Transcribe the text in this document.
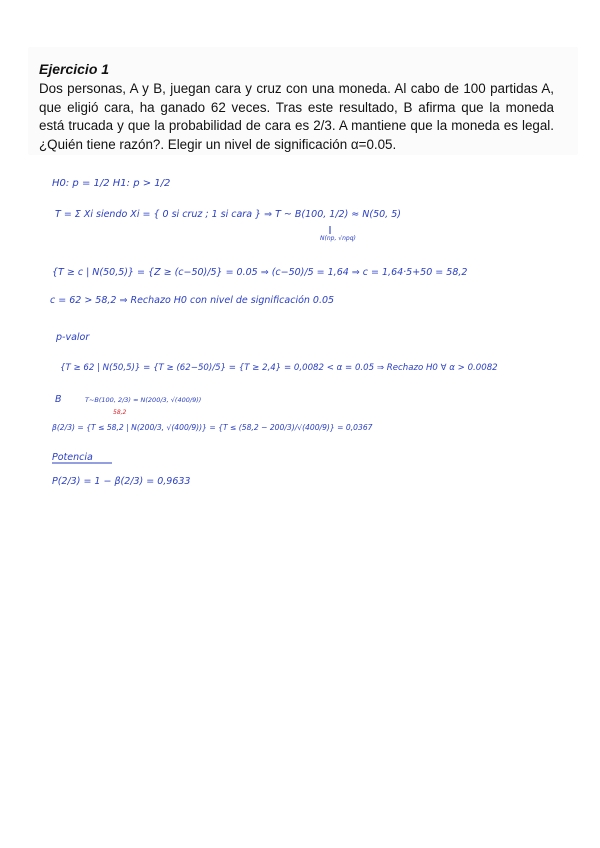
Ejercicio 1
Dos personas, A y B, juegan cara y cruz con una moneda. Al cabo de 100 partidas A, que eligió cara, ha ganado 62 veces. Tras este resultado, B afirma que la moneda está trucada y que la probabilidad de cara es 2/3. A mantiene que la moneda es legal. ¿Quién tiene razón?. Elegir un nivel de significación α=0.05.
H0: p = 1/2 H1: p > 1/2
T = Σ Xi siendo Xi = { 0 si cruz ; 1 si cara } ⇒ T ~ B(100, 1/2) ≈ N(50, 5)
N(np, √npq)
{T ≥ c | N(50,5)} = {Z ≥ (c−50)/5} = 0.05 ⇒ (c−50)/5 = 1,64 ⇒ c = 1,64·5+50 = 58,2
c = 62 > 58,2 ⇒ Rechazo H0 con nivel de significación 0.05
p-valor
{T ≥ 62 | N(50,5)} = {T ≥ (62−50)/5} = {T ≥ 2,4} = 0,0082 < α = 0.05 ⇒ Rechazo H0 ∀ α > 0.0082
B	T~B(100, 2/3) ≈ N(200/3, √(400/9))
58,2
β(2/3) = {T ≤ 58,2 | N(200/3, √(400/9))} = {T ≤ (58,2 − 200/3)/√(400/9)} = 0,0367
Potencia
P(2/3) = 1 − β(2/3) = 0,9633
